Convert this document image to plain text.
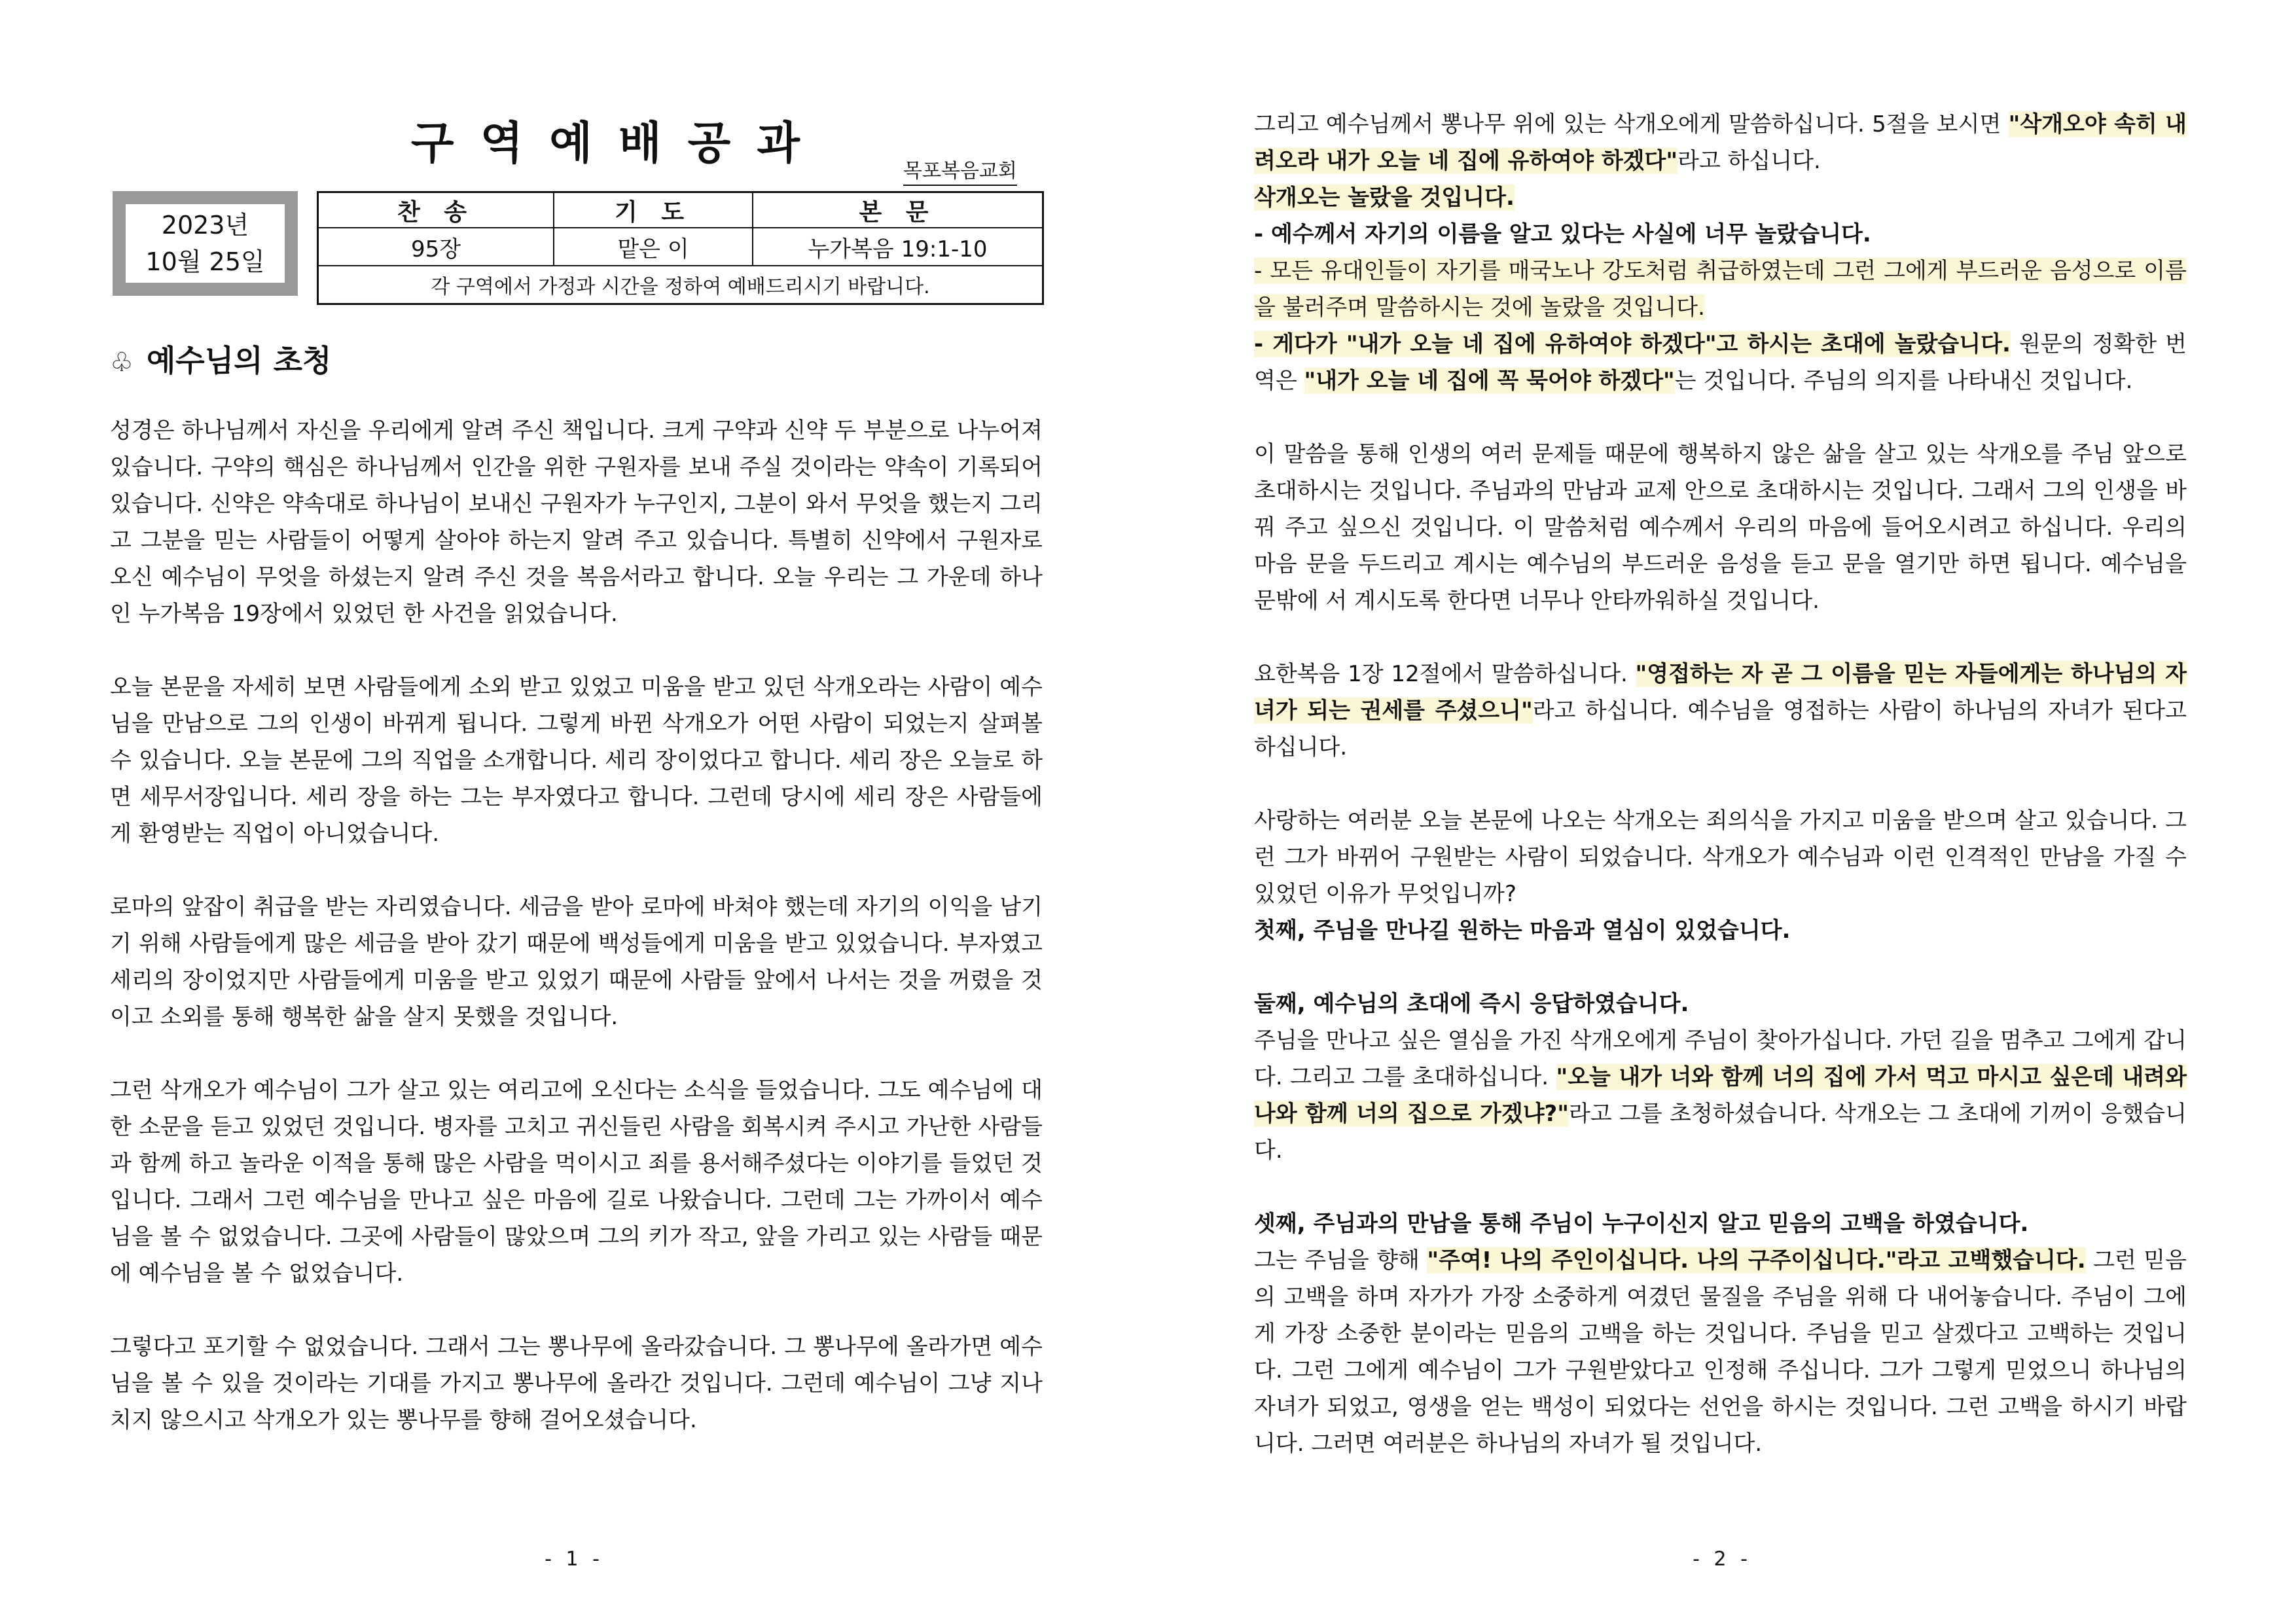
구역예배공과
목포복음교회
2023년
10월 25일
찬 송	기 도	본 문
95장	맡은 이	누가복음 19:1-10
각 구역에서 가정과 시간을 정하여 예배드리시기 바랍니다.		
♧ 예수님의 초청

성경은 하나님께서 자신을 우리에게 알려 주신 책입니다. 크게 구약과 신약 두 부분으로 나누어져 있습니다. 구약의 핵심은 하나님께서 인간을 위한 구원자를 보내 주실 것이라는 약속이 기록되어 있습니다. 신약은 약속대로 하나님이 보내신 구원자가 누구인지, 그분이 와서 무엇을 했는지 그리고 그분을 믿는 사람들이 어떻게 살아야 하는지 알려 주고 있습니다. 특별히 신약에서 구원자로 오신 예수님이 무엇을 하셨는지 알려 주신 것을 복음서라고 합니다. 오늘 우리는 그 가운데 하나인 누가복음 19장에서 있었던 한 사건을 읽었습니다.

오늘 본문을 자세히 보면 사람들에게 소외 받고 있었고 미움을 받고 있던 삭개오라는 사람이 예수님을 만남으로 그의 인생이 바뀌게 됩니다. 그렇게 바뀐 삭개오가 어떤 사람이 되었는지 살펴볼 수 있습니다. 오늘 본문에 그의 직업을 소개합니다. 세리 장이었다고 합니다. 세리 장은 오늘로 하면 세무서장입니다. 세리 장을 하는 그는 부자였다고 합니다. 그런데 당시에 세리 장은 사람들에게 환영받는 직업이 아니었습니다.

로마의 앞잡이 취급을 받는 자리였습니다. 세금을 받아 로마에 바쳐야 했는데 자기의 이익을 남기기 위해 사람들에게 많은 세금을 받아 갔기 때문에 백성들에게 미움을 받고 있었습니다. 부자였고 세리의 장이었지만 사람들에게 미움을 받고 있었기 때문에 사람들 앞에서 나서는 것을 꺼렸을 것이고 소외를 통해 행복한 삶을 살지 못했을 것입니다.

그런 삭개오가 예수님이 그가 살고 있는 여리고에 오신다는 소식을 들었습니다. 그도 예수님에 대한 소문을 듣고 있었던 것입니다. 병자를 고치고 귀신들린 사람을 회복시켜 주시고 가난한 사람들과 함께 하고 놀라운 이적을 통해 많은 사람을 먹이시고 죄를 용서해주셨다는 이야기를 들었던 것입니다. 그래서 그런 예수님을 만나고 싶은 마음에 길로 나왔습니다. 그런데 그는 가까이서 예수님을 볼 수 없었습니다. 그곳에 사람들이 많았으며 그의 키가 작고, 앞을 가리고 있는 사람들 때문에 예수님을 볼 수 없었습니다.

그렇다고 포기할 수 없었습니다. 그래서 그는 뽕나무에 올라갔습니다. 그 뽕나무에 올라가면 예수님을 볼 수 있을 것이라는 기대를 가지고 뽕나무에 올라간 것입니다. 그런데 예수님이 그냥 지나치지 않으시고 삭개오가 있는 뽕나무를 향해 걸어오셨습니다.

- 1 -

그리고 예수님께서 뽕나무 위에 있는 삭개오에게 말씀하십니다. 5절을 보시면 "삭개오야 속히 내려오라 내가 오늘 네 집에 유하여야 하겠다"라고 하십니다.
삭개오는 놀랐을 것입니다.
- 예수께서 자기의 이름을 알고 있다는 사실에 너무 놀랐습니다.
- 모든 유대인들이 자기를 매국노나 강도처럼 취급하였는데 그런 그에게 부드러운 음성으로 이름을 불러주며 말씀하시는 것에 놀랐을 것입니다.
- 게다가 "내가 오늘 네 집에 유하여야 하겠다"고 하시는 초대에 놀랐습니다. 원문의 정확한 번역은 "내가 오늘 네 집에 꼭 묵어야 하겠다"는 것입니다. 주님의 의지를 나타내신 것입니다.

이 말씀을 통해 인생의 여러 문제들 때문에 행복하지 않은 삶을 살고 있는 삭개오를 주님 앞으로 초대하시는 것입니다. 주님과의 만남과 교제 안으로 초대하시는 것입니다. 그래서 그의 인생을 바꿔 주고 싶으신 것입니다. 이 말씀처럼 예수께서 우리의 마음에 들어오시려고 하십니다. 우리의 마음 문을 두드리고 계시는 예수님의 부드러운 음성을 듣고 문을 열기만 하면 됩니다. 예수님을 문밖에 서 계시도록 한다면 너무나 안타까워하실 것입니다.

요한복음 1장 12절에서 말씀하십니다. "영접하는 자 곧 그 이름을 믿는 자들에게는 하나님의 자녀가 되는 권세를 주셨으니"라고 하십니다. 예수님을 영접하는 사람이 하나님의 자녀가 된다고 하십니다.

사랑하는 여러분 오늘 본문에 나오는 삭개오는 죄의식을 가지고 미움을 받으며 살고 있습니다. 그런 그가 바뀌어 구원받는 사람이 되었습니다. 삭개오가 예수님과 이런 인격적인 만남을 가질 수 있었던 이유가 무엇입니까?

첫째, 주님을 만나길 원하는 마음과 열심이 있었습니다.

둘째, 예수님의 초대에 즉시 응답하였습니다.
주님을 만나고 싶은 열심을 가진 삭개오에게 주님이 찾아가십니다. 가던 길을 멈추고 그에게 갑니다. 그리고 그를 초대하십니다. "오늘 내가 너와 함께 너의 집에 가서 먹고 마시고 싶은데 내려와 나와 함께 너의 집으로 가겠냐?"라고 그를 초청하셨습니다. 삭개오는 그 초대에 기꺼이 응했습니다.

셋째, 주님과의 만남을 통해 주님이 누구이신지 알고 믿음의 고백을 하였습니다.
그는 주님을 향해 "주여! 나의 주인이십니다. 나의 구주이십니다."라고 고백했습니다. 그런 믿음의 고백을 하며 자가가 가장 소중하게 여겼던 물질을 주님을 위해 다 내어놓습니다. 주님이 그에게 가장 소중한 분이라는 믿음의 고백을 하는 것입니다. 주님을 믿고 살겠다고 고백하는 것입니다. 그런 그에게 예수님이 그가 구원받았다고 인정해 주십니다. 그가 그렇게 믿었으니 하나님의 자녀가 되었고, 영생을 얻는 백성이 되었다는 선언을 하시는 것입니다. 그런 고백을 하시기 바랍니다. 그러면 여러분은 하나님의 자녀가 될 것입니다.

- 2 -
